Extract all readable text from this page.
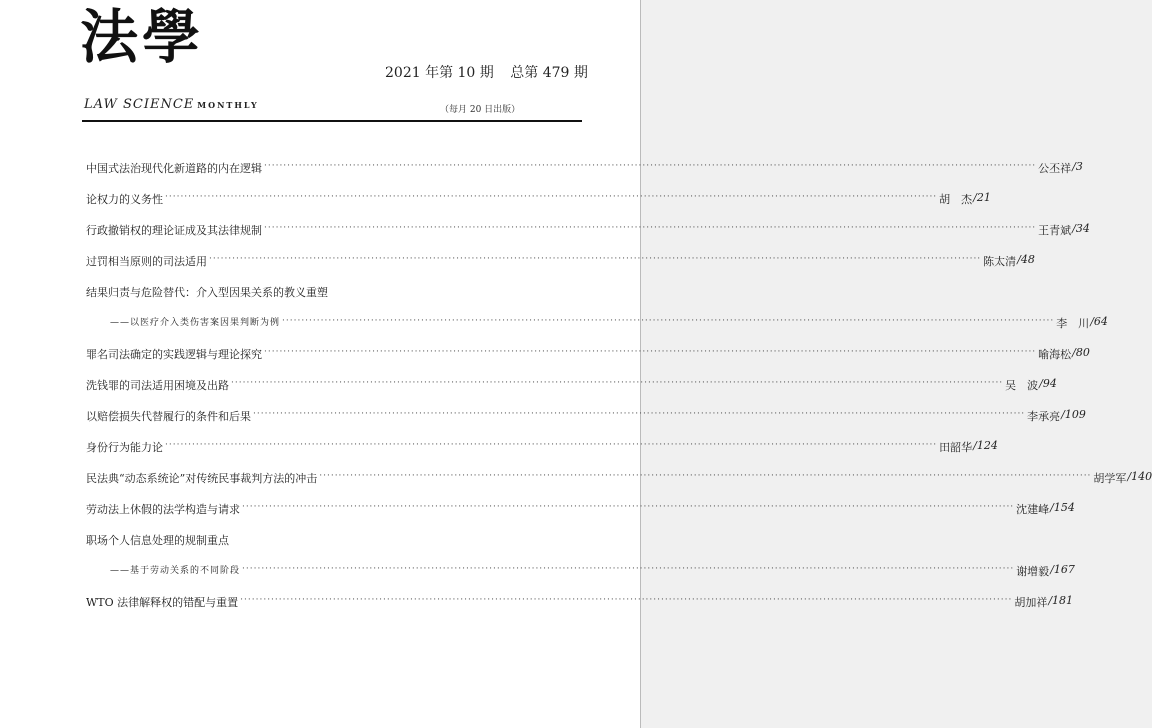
法學
2021 年第 10 期 总第 479 期
LAW SCIENCE MONTHLY	（每月 20 日出版）
中国式法治现代化新道路的内在逻辑 ········································································································································································································ 公丕祥 /3
论权力的义务性 ········································································································································································································ 胡　杰 /21
行政撤销权的理论证成及其法律规制 ········································································································································································································ 王青斌 /34
过罚相当原则的司法适用 ········································································································································································································ 陈太清 /48
结果归责与危险替代：介入型因果关系的教义重塑
——以医疗介入类伤害案因果判断为例 ········································································································································································································ 李　川 /64
罪名司法确定的实践逻辑与理论探究 ········································································································································································································ 喻海松 /80
洗钱罪的司法适用困境及出路 ········································································································································································································ 吴　波 /94
以赔偿损失代替履行的条件和后果 ········································································································································································································ 李承亮 /109
身份行为能力论 ········································································································································································································ 田韶华 /124
民法典“动态系统论”对传统民事裁判方法的冲击 ········································································································································································································ 胡学军 /140
劳动法上休假的法学构造与请求 ········································································································································································································ 沈建峰 /154
职场个人信息处理的规制重点
——基于劳动关系的不同阶段 ········································································································································································································ 谢增毅 /167
WTO 法律解释权的错配与重置 ········································································································································································································ 胡加祥 /181
